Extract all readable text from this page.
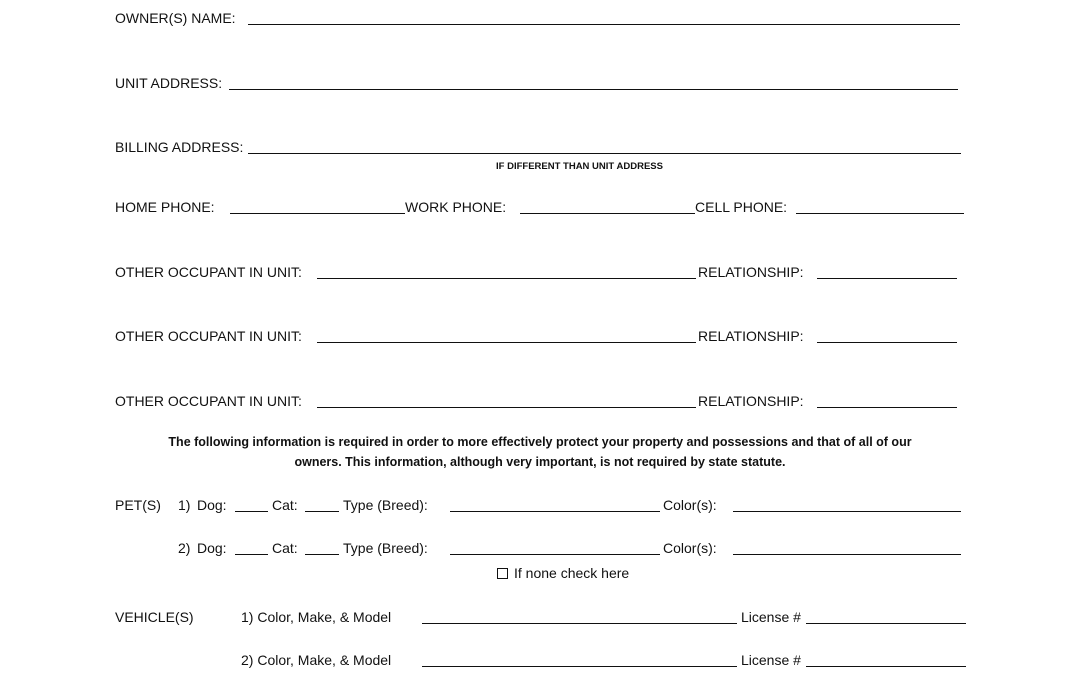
OWNER(S) NAME:
UNIT ADDRESS:
BILLING ADDRESS:
IF DIFFERENT THAN UNIT ADDRESS
HOME PHONE:	WORK PHONE:	CELL PHONE:
OTHER OCCUPANT IN UNIT:	RELATIONSHIP:
OTHER OCCUPANT IN UNIT:	RELATIONSHIP:
OTHER OCCUPANT IN UNIT:	RELATIONSHIP:
The following information is required in order to more effectively protect your property and possessions and that of all of our
owners. This information, although very important, is not required by state statute.
PET(S) 1) Dog:	Cat:	Type (Breed):	Color(s):
2) Dog:	Cat:	Type (Breed):	Color(s):
If none check here
VEHICLE(S)	1) Color, Make, & Model	License #
2) Color, Make, & Model	License #
